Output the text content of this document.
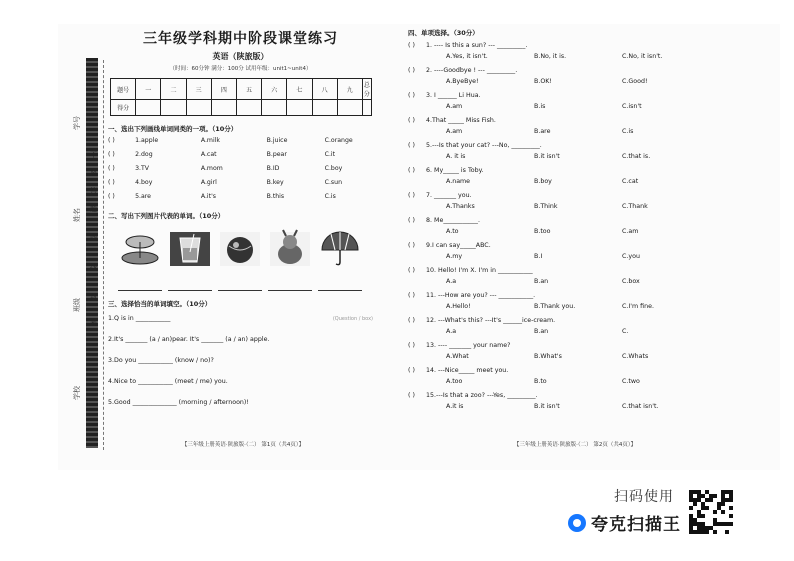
学号
姓名
班级
学校
不
要
答
题
内
线
封
密
三年级学科期中阶段课堂练习
英语（陕旅版）
（时间：60分钟 满分：100分 试用年级：unit1~unit4）
题号	一	二	三	四	五	六	七	八	九	总分
得分										
一、选出下列画线单词同类的一项。（10分）
( )	1.apple	A.milk	B.juice	C.orange
( )	2.dog	A.cat	B.pear	C.it
( )	3.TV	A.mom	B.ID	C.boy
( )	4.boy	A.girl	B.key	C.sun
( )	5.are	A.it's	B.this	C.is
二、写出下列图片代表的单词。（10分）
三、选择恰当的单词填空。（10分）
1.Q is in ___________	(Question / box)
2.It's _______ (a / an)pear. It's _______ (a / an) apple.
3.Do you ___________ (know / no)?
4.Nice to ___________ (meet / me) you.
5.Good ______________ (morning / afternoon)!
【三年级上册英语·陕旅版·（二） 第1页（共4页）】
四、单项选择。（30分）
( )	1. ---- Is this a sun? --- _________.
A.Yes, it isn't.	B.No, it is.	C.No, it isn't.
( )	2. ----Goodbye ! --- _________.
A.ByeBye!	B.OK!	C.Good!
( )	3. I ______ Li Hua.
A.am	B.is	C.isn't
( )	4.That _____ Miss Fish.
A.am	B.are	C.is
( )	5.---Is that your cat? ---No, _________.
A. it is	B.it isn't	C.that is.
( )	6. My_____ is Toby.
A.name	B.boy	C.cat
( )	7. _______ you.
A.Thanks	B.Think	C.Thank
( )	8. Me___________.
A.to	B.too	C.am
( )	9.I can say_____ABC.
A.my	B.I	C.you
( )	10. Hello! I'm X. I'm in ___________
A.a	B.an	C.box
( )	11. ---How are you? --- ___________.
A.Hello!	B.Thank you.	C.I'm fine.
( )	12. ---What's this? ---It's ______ice-cream.
A.a	B.an	C.
( )	13. ---- _______ your name?
A.What	B.What's	C.Whats
( )	14. ---Nice_____ meet you.
A.too	B.to	C.two
( )	15.---Is that a zoo? ---Yes, _________.
A.it is	B.it isn't	C.that isn't.
【三年级上册英语·陕旅版·（二） 第2页（共4页）】
扫码使用
夸克扫描王
